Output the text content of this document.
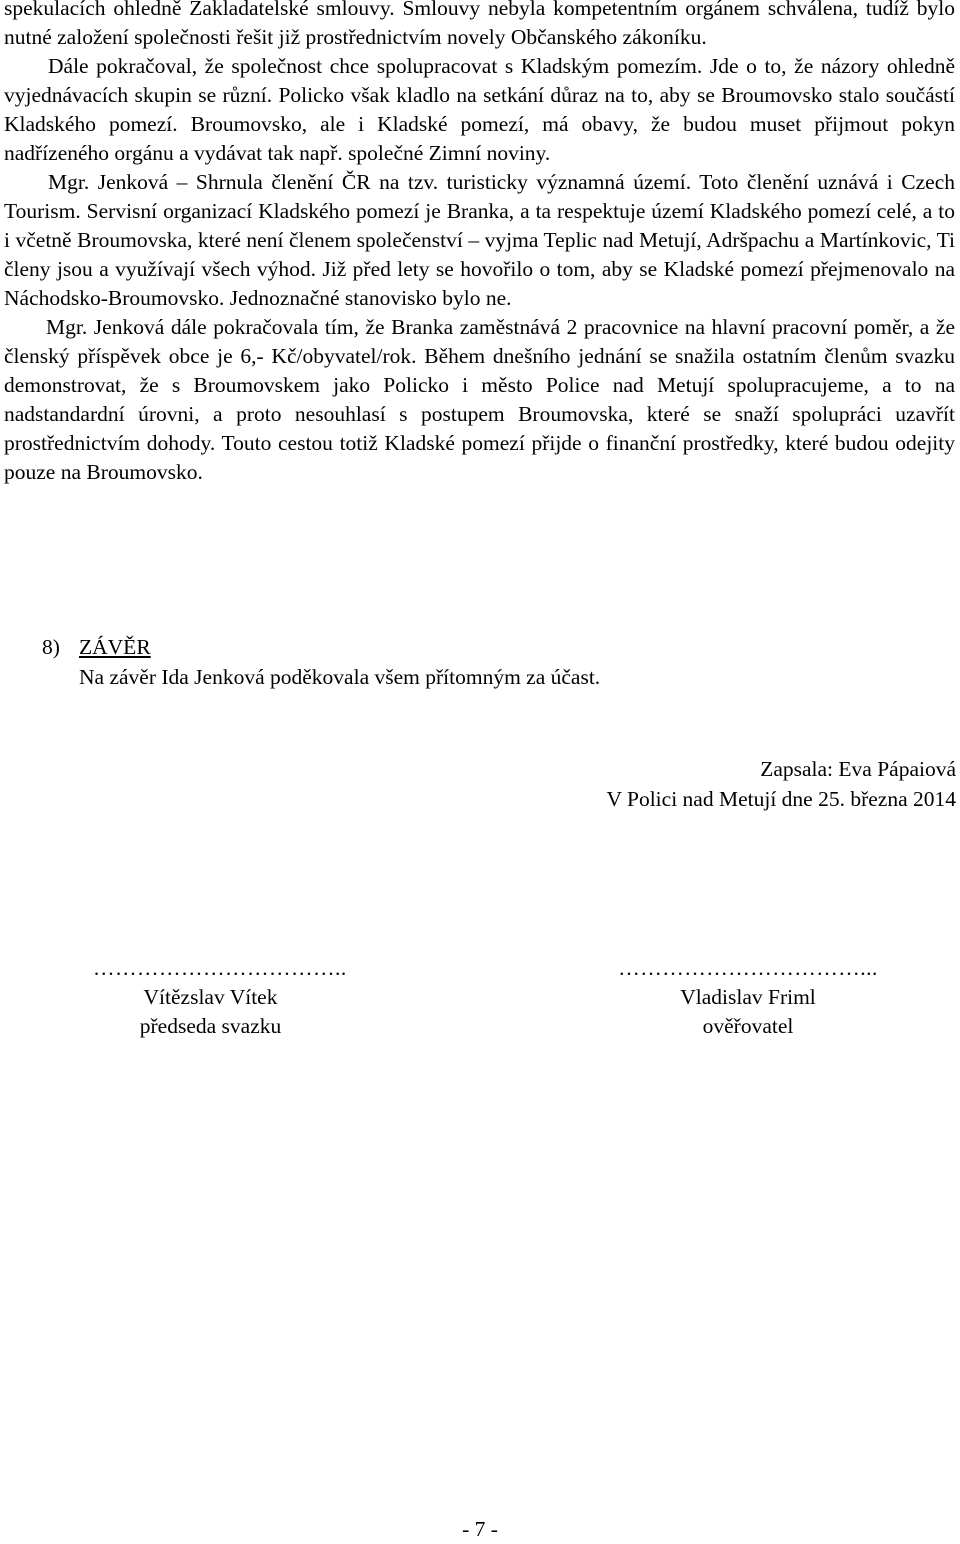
spekulacích ohledně Zakladatelské smlouvy. Smlouvy nebyla kompetentním orgánem schválena, tudíž bylo nutné založení společnosti řešit již prostřednictvím novely Občanského zákoníku.

Dále pokračoval, že společnost chce spolupracovat s Kladským pomezím. Jde o to, že názory ohledně vyjednávacích skupin se různí. Policko však kladlo na setkání důraz na to, aby se Broumovsko stalo součástí Kladského pomezí. Broumovsko, ale i Kladské pomezí, má obavy, že budou muset přijmout pokyn nadřízeného orgánu a vydávat tak např. společné Zimní noviny.

Mgr. Jenková – Shrnula členění ČR na tzv. turisticky významná území. Toto členění uznává i Czech Tourism. Servisní organizací Kladského pomezí je Branka, a ta respektuje území Kladského pomezí celé, a to i včetně Broumovska, které není členem společenství – vyjma Teplic nad Metují, Adršpachu a Martínkovic, Ti členy jsou a využívají všech výhod. Již před lety se hovořilo o tom, aby se Kladské pomezí přejmenovalo na Náchodsko-Broumovsko. Jednoznačné stanovisko bylo ne.

Mgr. Jenková dále pokračovala tím, že Branka zaměstnává 2 pracovnice na hlavní pracovní poměr, a že členský příspěvek obce je 6,- Kč/obyvatel/rok. Během dnešního jednání se snažila ostatním členům svazku demonstrovat, že s Broumovskem jako Policko i město Police nad Metují spolupracujeme, a to na nadstandardní úrovni, a proto nesouhlasí s postupem Broumovska, které se snaží spolupráci uzavřít prostřednictvím dohody. Touto cestou totiž Kladské pomezí přijde o finanční prostředky, které budou odejity pouze na Broumovsko.

8) ZÁVĚR
Na závěr Ida Jenková poděkovala všem přítomným za účast.
Zapsala: Eva Pápaiová
V Polici nad Metují dne 25. března 2014
……………………………..
Vítězslav Vítek
předseda svazku
……………………………...
Vladislav Friml
ověřovatel
- 7 -
